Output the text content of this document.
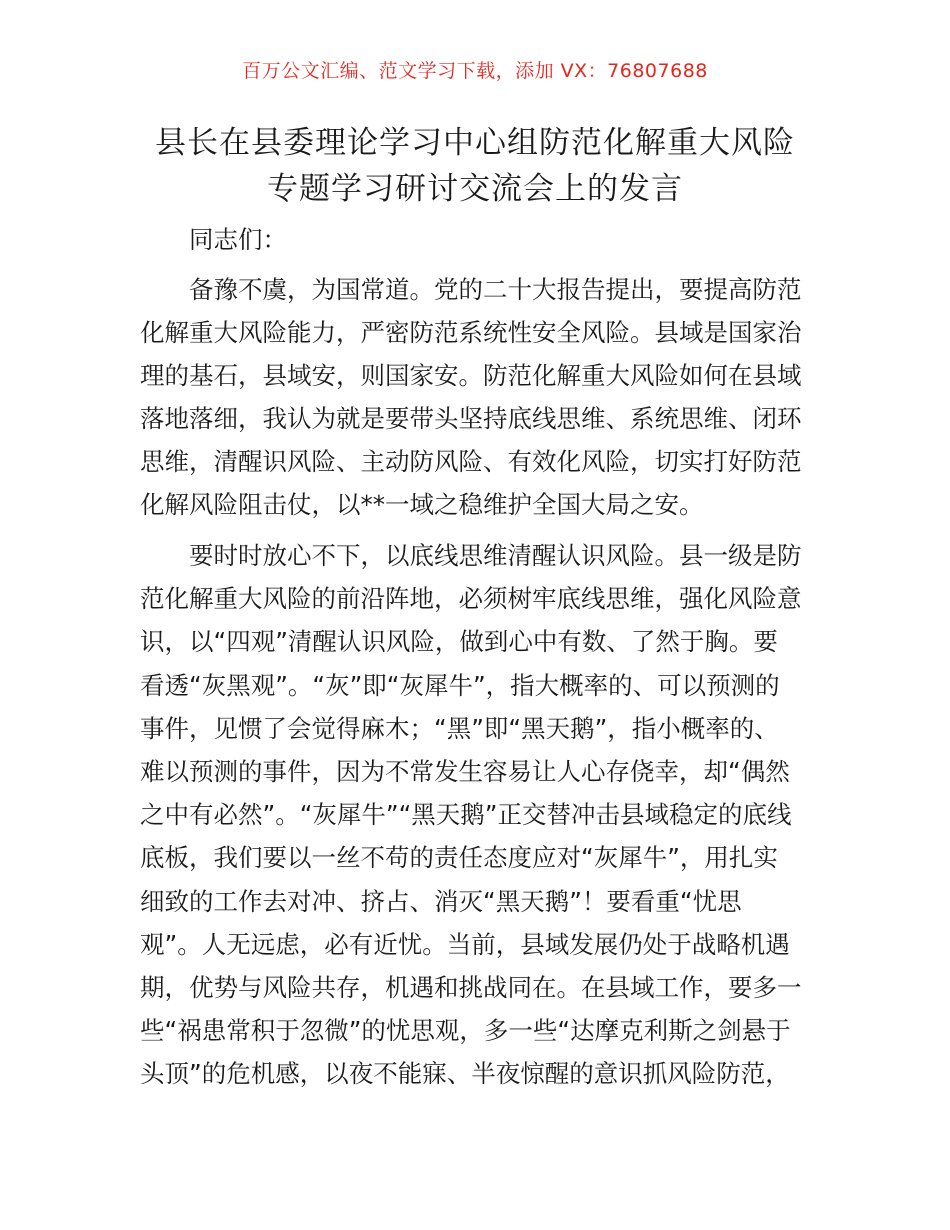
百万公文汇编、范文学习下载，添加 VX：76807688
县长在县委理论学习中心组防范化解重大风险
专题学习研讨交流会上的发言
　　同志们：
　　备豫不虞，为国常道。党的二十大报告提出，要提高防范
化解重大风险能力，严密防范系统性安全风险。县域是国家治
理的基石，县域安，则国家安。防范化解重大风险如何在县域
落地落细，我认为就是要带头坚持底线思维、系统思维、闭环
思维，清醒识风险、主动防风险、有效化风险，切实打好防范
化解风险阻击仗，以**一域之稳维护全国大局之安。
　　要时时放心不下，以底线思维清醒认识风险。县一级是防
范化解重大风险的前沿阵地，必须树牢底线思维，强化风险意
识，以“四观”清醒认识风险，做到心中有数、了然于胸。要
看透“灰黑观”。“灰”即“灰犀牛”，指大概率的、可以预测的
事件，见惯了会觉得麻木；“黑”即“黑天鹅”，指小概率的、
难以预测的事件，因为不常发生容易让人心存侥幸，却“偶然
之中有必然”。“灰犀牛”“黑天鹅”正交替冲击县域稳定的底线
底板，我们要以一丝不苟的责任态度应对“灰犀牛”，用扎实
细致的工作去对冲、挤占、消灭“黑天鹅”！要看重“忧思
观”。人无远虑，必有近忧。当前，县域发展仍处于战略机遇
期，优势与风险共存，机遇和挑战同在。在县域工作，要多一
些“祸患常积于忽微”的忧思观，多一些“达摩克利斯之剑悬于
头顶”的危机感，以夜不能寐、半夜惊醒的意识抓风险防范，
